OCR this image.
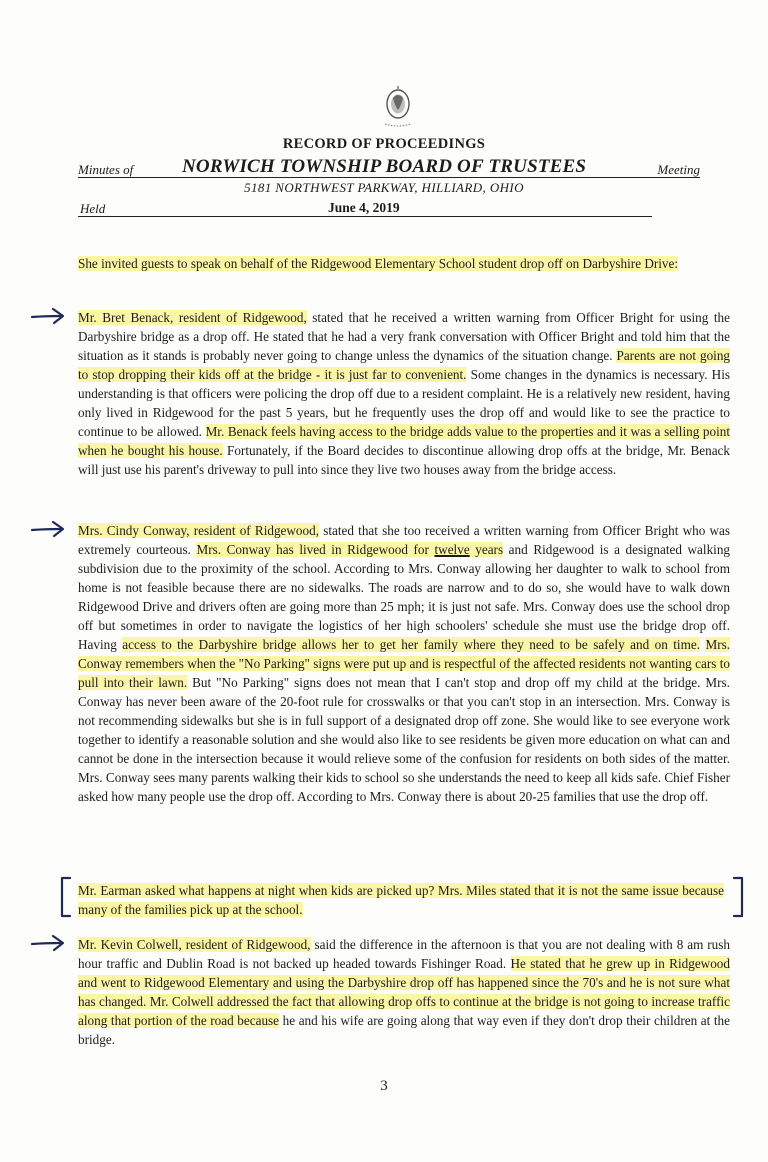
RECORD OF PROCEEDINGS
Minutes of	NORWICH TOWNSHIP BOARD OF TRUSTEES	Meeting
5181 NORTHWEST PARKWAY, HILLIARD, OHIO
Held	June 4, 2019
She invited guests to speak on behalf of the Ridgewood Elementary School student drop off on Darbyshire Drive:
Mr. Bret Benack, resident of Ridgewood, stated that he received a written warning from Officer Bright for using the Darbyshire bridge as a drop off. He stated that he had a very frank conversation with Officer Bright and told him that the situation as it stands is probably never going to change unless the dynamics of the situation change. Parents are not going to stop dropping their kids off at the bridge - it is just far to convenient. Some changes in the dynamics is necessary. His understanding is that officers were policing the drop off due to a resident complaint. He is a relatively new resident, having only lived in Ridgewood for the past 5 years, but he frequently uses the drop off and would like to see the practice to continue to be allowed. Mr. Benack feels having access to the bridge adds value to the properties and it was a selling point when he bought his house. Fortunately, if the Board decides to discontinue allowing drop offs at the bridge, Mr. Benack will just use his parent's driveway to pull into since they live two houses away from the bridge access.
Mrs. Cindy Conway, resident of Ridgewood, stated that she too received a written warning from Officer Bright who was extremely courteous. Mrs. Conway has lived in Ridgewood for twelve years and Ridgewood is a designated walking subdivision due to the proximity of the school. According to Mrs. Conway allowing her daughter to walk to school from home is not feasible because there are no sidewalks. The roads are narrow and to do so, she would have to walk down Ridgewood Drive and drivers often are going more than 25 mph; it is just not safe. Mrs. Conway does use the school drop off but sometimes in order to navigate the logistics of her high schoolers' schedule she must use the bridge drop off. Having access to the Darbyshire bridge allows her to get her family where they need to be safely and on time. Mrs. Conway remembers when the "No Parking" signs were put up and is respectful of the affected residents not wanting cars to pull into their lawn. But "No Parking" signs does not mean that I can't stop and drop off my child at the bridge. Mrs. Conway has never been aware of the 20-foot rule for crosswalks or that you can't stop in an intersection. Mrs. Conway is not recommending sidewalks but she is in full support of a designated drop off zone. She would like to see everyone work together to identify a reasonable solution and she would also like to see residents be given more education on what can and cannot be done in the intersection because it would relieve some of the confusion for residents on both sides of the matter. Mrs. Conway sees many parents walking their kids to school so she understands the need to keep all kids safe. Chief Fisher asked how many people use the drop off. According to Mrs. Conway there is about 20-25 families that use the drop off.
Mr. Earman asked what happens at night when kids are picked up? Mrs. Miles stated that it is not the same issue because many of the families pick up at the school.
Mr. Kevin Colwell, resident of Ridgewood, said the difference in the afternoon is that you are not dealing with 8 am rush hour traffic and Dublin Road is not backed up headed towards Fishinger Road. He stated that he grew up in Ridgewood and went to Ridgewood Elementary and using the Darbyshire drop off has happened since the 70's and he is not sure what has changed. Mr. Colwell addressed the fact that allowing drop offs to continue at the bridge is not going to increase traffic along that portion of the road because he and his wife are going along that way even if they don't drop their children at the bridge.
3
